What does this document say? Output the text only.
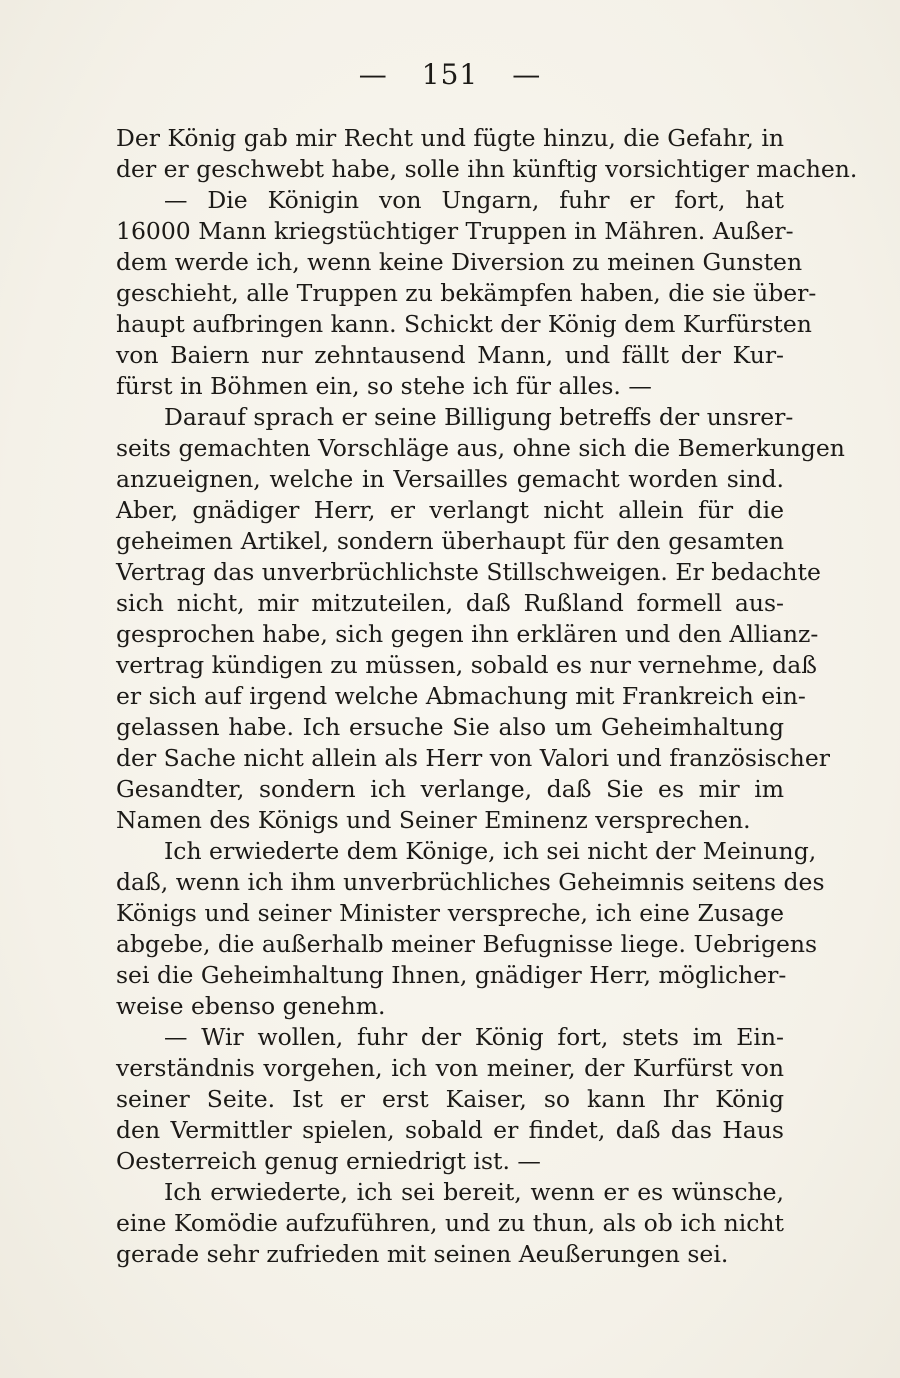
— 151 —
Der König gab mir Recht und fügte hinzu, die Gefahr, in
der er geschwebt habe, solle ihn künftig vorsichtiger machen.
— Die Königin von Ungarn, fuhr er fort, hat
16000 Mann kriegstüchtiger Truppen in Mähren. Außer-
dem werde ich, wenn keine Diversion zu meinen Gunsten
geschieht, alle Truppen zu bekämpfen haben, die sie über-
haupt aufbringen kann. Schickt der König dem Kurfürsten
von Baiern nur zehntausend Mann, und fällt der Kur-
fürst in Böhmen ein, so stehe ich für alles. —
Darauf sprach er seine Billigung betreffs der unsrer-
seits gemachten Vorschläge aus, ohne sich die Bemerkungen
anzueignen, welche in Versailles gemacht worden sind.
Aber, gnädiger Herr, er verlangt nicht allein für die
geheimen Artikel, sondern überhaupt für den gesamten
Vertrag das unverbrüchlichste Stillschweigen. Er bedachte
sich nicht, mir mitzuteilen, daß Rußland formell aus-
gesprochen habe, sich gegen ihn erklären und den Allianz-
vertrag kündigen zu müssen, sobald es nur vernehme, daß
er sich auf irgend welche Abmachung mit Frankreich ein-
gelassen habe. Ich ersuche Sie also um Geheimhaltung
der Sache nicht allein als Herr von Valori und französischer
Gesandter, sondern ich verlange, daß Sie es mir im
Namen des Königs und Seiner Eminenz versprechen.
Ich erwiederte dem Könige, ich sei nicht der Meinung,
daß, wenn ich ihm unverbrüchliches Geheimnis seitens des
Königs und seiner Minister verspreche, ich eine Zusage
abgebe, die außerhalb meiner Befugnisse liege. Uebrigens
sei die Geheimhaltung Ihnen, gnädiger Herr, möglicher-
weise ebenso genehm.
— Wir wollen, fuhr der König fort, stets im Ein-
verständnis vorgehen, ich von meiner, der Kurfürst von
seiner Seite. Ist er erst Kaiser, so kann Ihr König
den Vermittler spielen, sobald er findet, daß das Haus
Oesterreich genug erniedrigt ist. —
Ich erwiederte, ich sei bereit, wenn er es wünsche,
eine Komödie aufzuführen, und zu thun, als ob ich nicht
gerade sehr zufrieden mit seinen Aeußerungen sei.
